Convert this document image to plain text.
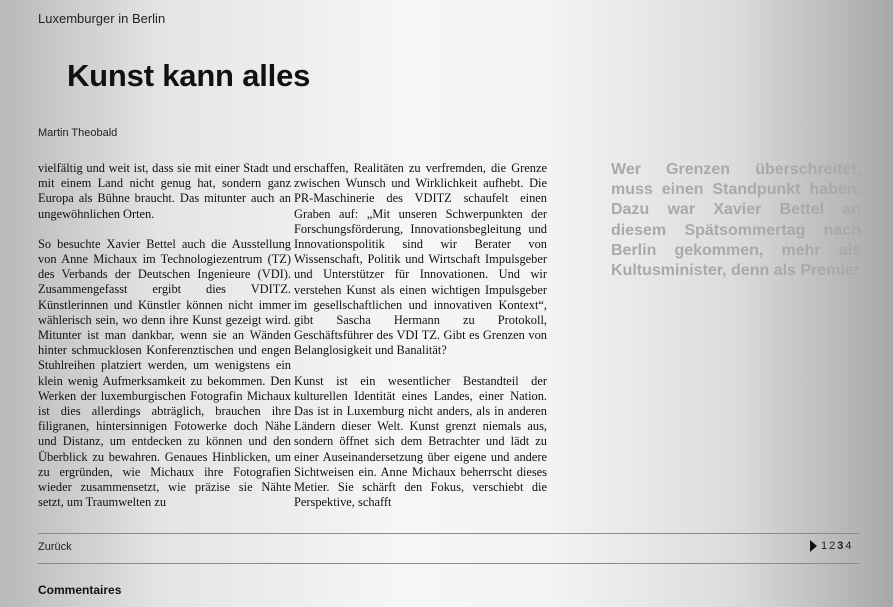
Luxemburger in Berlin
Kunst kann alles
Martin Theobald

vielfältig und weit ist, dass sie mit einer Stadt und mit einem Land nicht genug hat, sondern ganz Europa als Bühne braucht. Das mitunter auch an ungewöhnlichen Orten.

So besuchte Xavier Bettel auch die Ausstellung von Anne Michaux im Technologiezentrum (TZ) des Verbands der Deutschen Ingenieure (VDI). Zusammengefasst ergibt dies VDITZ. Künstlerinnen und Künstler können nicht immer wählerisch sein, wo denn ihre Kunst gezeigt wird. Mitunter ist man dankbar, wenn sie an Wänden hinter schmucklosen Konferenztischen und engen Stuhlreihen platziert werden, um wenigstens ein klein wenig Aufmerksamkeit zu bekommen. Den Werken der luxemburgischen Fotografin Michaux ist dies allerdings abträglich, brauchen ihre filigranen, hintersinnigen Fotowerke doch Nähe und Distanz, um entdecken zu können und den Überblick zu bewahren. Genaues Hinblicken, um zu ergründen, wie Michaux ihre Fotografien wieder zusammensetzt, wie präzise sie Nähte setzt, um Traumwelten zu

erschaffen, Realitäten zu verfremden, die Grenze zwischen Wunsch und Wirklichkeit aufhebt. Die PR-Maschinerie des VDITZ schaufelt einen Graben auf: „Mit unseren Schwerpunkten der Forschungsförderung, Innovationsbegleitung und Innovationspolitik sind wir Berater von Wissenschaft, Politik und Wirtschaft Impulsgeber und Unterstützer für Innovationen. Und wir verstehen Kunst als einen wichtigen Impulsgeber im gesellschaftlichen und innovativen Kontext“, gibt Sascha Hermann zu Protokoll, Geschäftsführer des VDI TZ. Gibt es Grenzen von Belanglosigkeit und Banalität?

Kunst ist ein wesentlicher Bestandteil der kulturellen Identität eines Landes, einer Nation. Das ist in Luxemburg nicht anders, als in anderen Ländern dieser Welt. Kunst grenzt niemals aus, sondern öffnet sich dem Betrachter und lädt zu einer Auseinandersetzung über eigene und andere Sichtweisen ein. Anne Michaux beherrscht dieses Metier. Sie schärft den Fokus, verschiebt die Perspektive, schafft

Wer Grenzen überschreitet, muss einen Standpunkt haben. Dazu war Xavier Bettel an diesem Spätsommertag nach Berlin gekommen, mehr als Kultusminister, denn als Premier
Zurück	1 2 3 4
Commentaires
